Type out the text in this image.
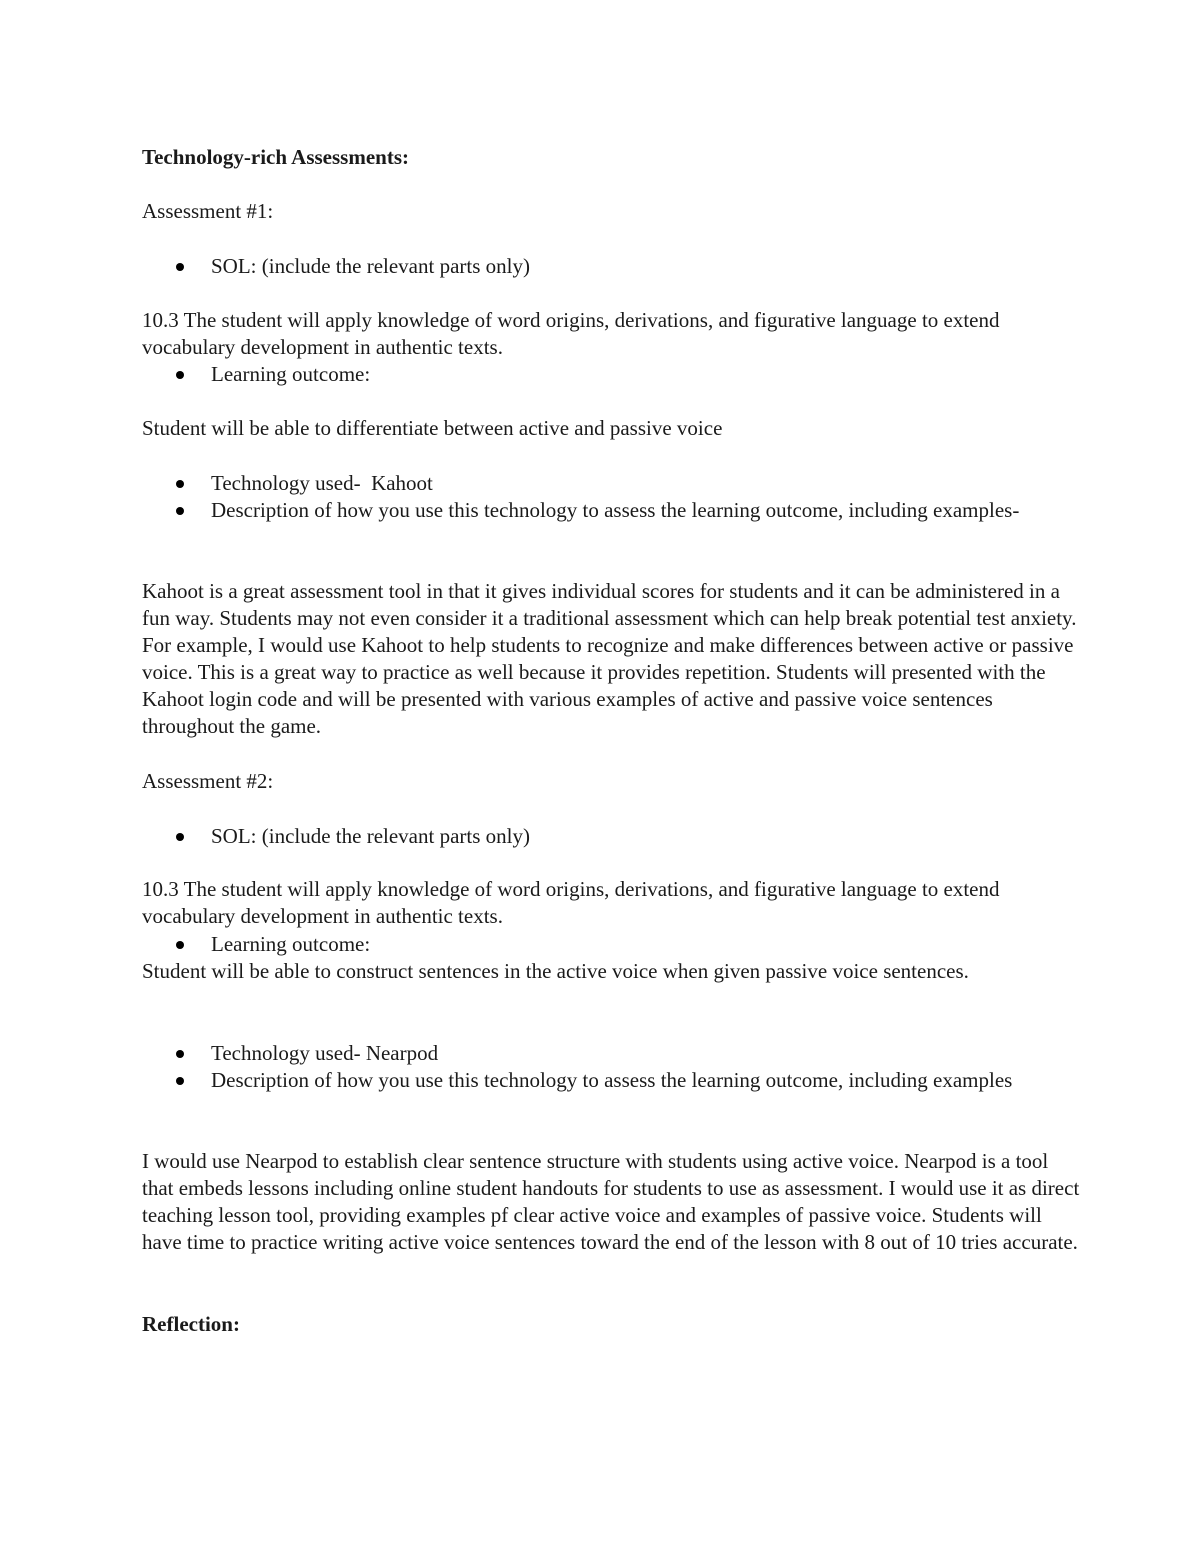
Technology-rich Assessments:

Assessment #1:

SOL: (include the relevant parts only)

10.3 The student will apply knowledge of word origins, derivations, and figurative language to extend vocabulary development in authentic texts.

Learning outcome:

Student will be able to differentiate between active and passive voice

Technology used-  Kahoot
Description of how you use this technology to assess the learning outcome, including examples-

Kahoot is a great assessment tool in that it gives individual scores for students and it can be administered in a fun way. Students may not even consider it a traditional assessment which can help break potential test anxiety. For example, I would use Kahoot to help students to recognize and make differences between active or passive voice. This is a great way to practice as well because it provides repetition. Students will presented with the Kahoot login code and will be presented with various examples of active and passive voice sentences throughout the game.

Assessment #2:

SOL: (include the relevant parts only)

10.3 The student will apply knowledge of word origins, derivations, and figurative language to extend vocabulary development in authentic texts.

Learning outcome:

Student will be able to construct sentences in the active voice when given passive voice sentences.

Technology used- Nearpod
Description of how you use this technology to assess the learning outcome, including examples

I would use Nearpod to establish clear sentence structure with students using active voice. Nearpod is a tool that embeds lessons including online student handouts for students to use as assessment. I would use it as direct teaching lesson tool, providing examples pf clear active voice and examples of passive voice. Students will have time to practice writing active voice sentences toward the end of the lesson with 8 out of 10 tries accurate.

Reflection:
